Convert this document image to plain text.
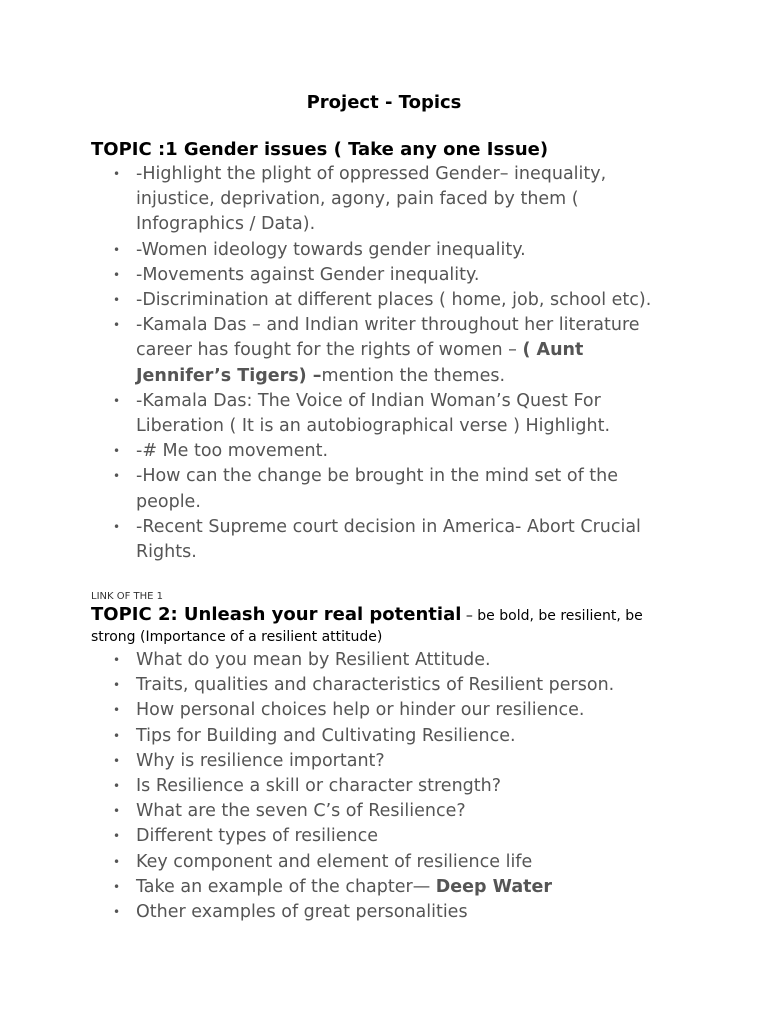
Project - Topics
TOPIC :1 Gender issues ( Take any one Issue)
• -Highlight the plight of oppressed Gender– inequality, injustice, deprivation, agony, pain faced by them ( Infographics / Data).
• -Women ideology towards gender inequality.
• -Movements against Gender inequality.
• -Discrimination at different places ( home, job, school etc).
• -Kamala Das – and Indian writer throughout her literature career has fought for the rights of women – ( Aunt Jennifer’s Tigers) –mention the themes.
• -Kamala Das: The Voice of Indian Woman’s Quest For Liberation ( It is an autobiographical verse ) Highlight.
• -# Me too movement.
• -How can the change be brought in the mind set of the people.
• -Recent Supreme court decision in America- Abort Crucial Rights.
LINK OF THE 1
TOPIC 2: Unleash your real potential – be bold, be resilient, be strong (Importance of a resilient attitude)
• What do you mean by Resilient Attitude.
• Traits, qualities and characteristics of Resilient person.
• How personal choices help or hinder our resilience.
• Tips for Building and Cultivating Resilience.
• Why is resilience important?
• Is Resilience a skill or character strength?
• What are the seven C’s of Resilience?
• Different types of resilience
• Key component and element of resilience life
• Take an example of the chapter— Deep Water
• Other examples of great personalities
